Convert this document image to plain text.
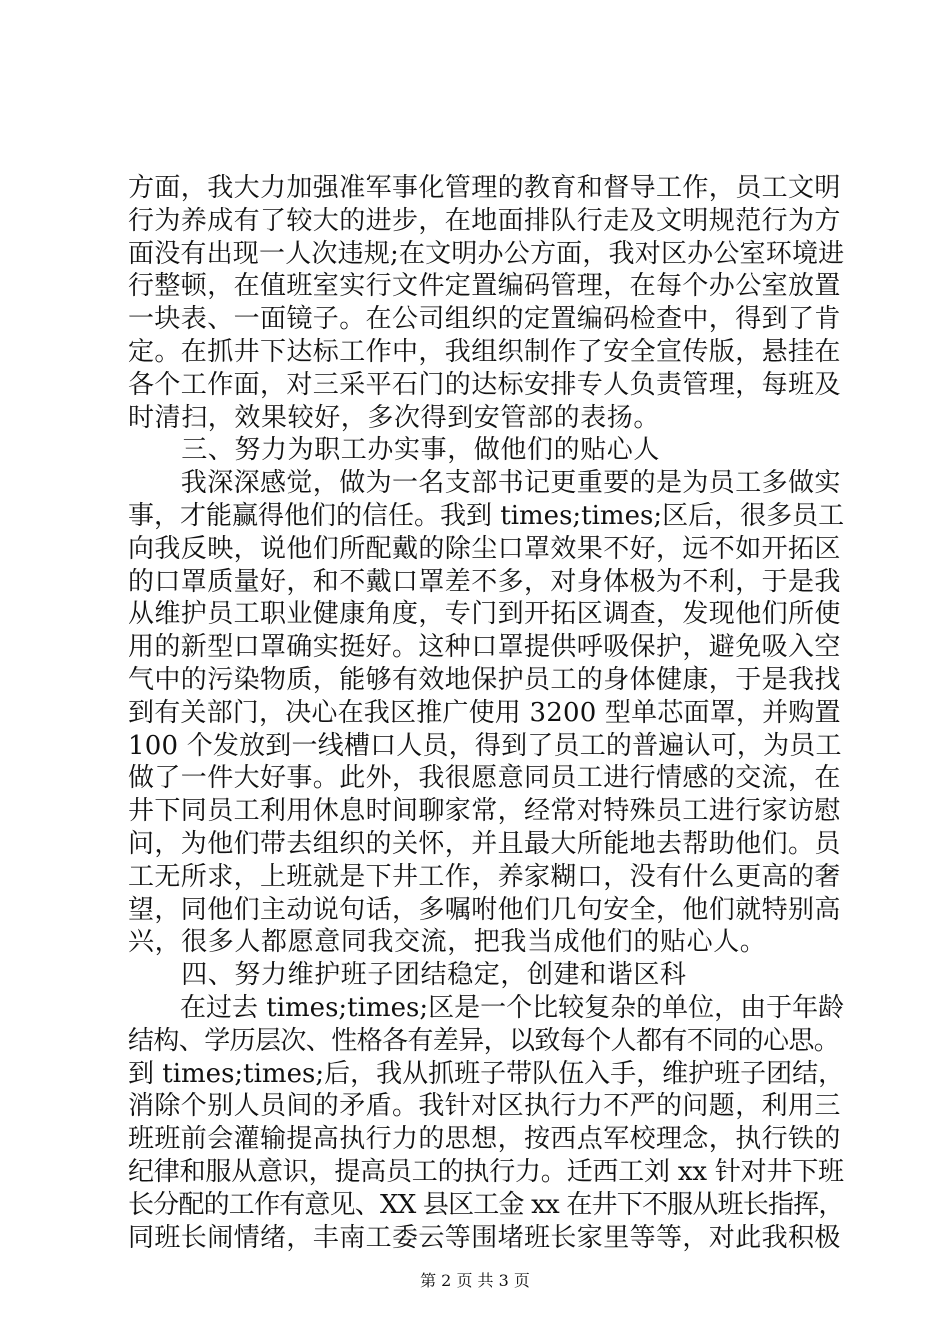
方面，我大力加强准军事化管理的教育和督导工作，员工文明
行为养成有了较大的进步，在地面排队行走及文明规范行为方
面没有出现一人次违规;在文明办公方面，我对区办公室环境进
行整顿，在值班室实行文件定置编码管理，在每个办公室放置
一块表、一面镜子。在公司组织的定置编码检查中，得到了肯
定。在抓井下达标工作中，我组织制作了安全宣传版，悬挂在
各个工作面，对三采平石门的达标安排专人负责管理，每班及
时清扫，效果较好，多次得到安管部的表扬。
　　三、努力为职工办实事，做他们的贴心人
　　我深深感觉，做为一名支部书记更重要的是为员工多做实
事，才能赢得他们的信任。我到 times;times;区后，很多员工
向我反映，说他们所配戴的除尘口罩效果不好，远不如开拓区
的口罩质量好，和不戴口罩差不多，对身体极为不利，于是我
从维护员工职业健康角度，专门到开拓区调查，发现他们所使
用的新型口罩确实挺好。这种口罩提供呼吸保护，避免吸入空
气中的污染物质，能够有效地保护员工的身体健康，于是我找
到有关部门，决心在我区推广使用 3200 型单芯面罩，并购置
100 个发放到一线槽口人员，得到了员工的普遍认可，为员工
做了一件大好事。此外，我很愿意同员工进行情感的交流，在
井下同员工利用休息时间聊家常，经常对特殊员工进行家访慰
问，为他们带去组织的关怀，并且最大所能地去帮助他们。员
工无所求，上班就是下井工作，养家糊口，没有什么更高的奢
望，同他们主动说句话，多嘱咐他们几句安全，他们就特别高
兴，很多人都愿意同我交流，把我当成他们的贴心人。
　　四、努力维护班子团结稳定，创建和谐区科
　　在过去 times;times;区是一个比较复杂的单位，由于年龄
结构、学历层次、性格各有差异，以致每个人都有不同的心思。
到 times;times;后，我从抓班子带队伍入手，维护班子团结，
消除个别人员间的矛盾。我针对区执行力不严的问题，利用三
班班前会灌输提高执行力的思想，按西点军校理念，执行铁的
纪律和服从意识，提高员工的执行力。迁西工刘 xx 针对井下班
长分配的工作有意见、XX 县区工金 xx 在井下不服从班长指挥，
同班长闹情绪，丰南工委云等围堵班长家里等等，对此我积极
第 2 页 共 3 页
